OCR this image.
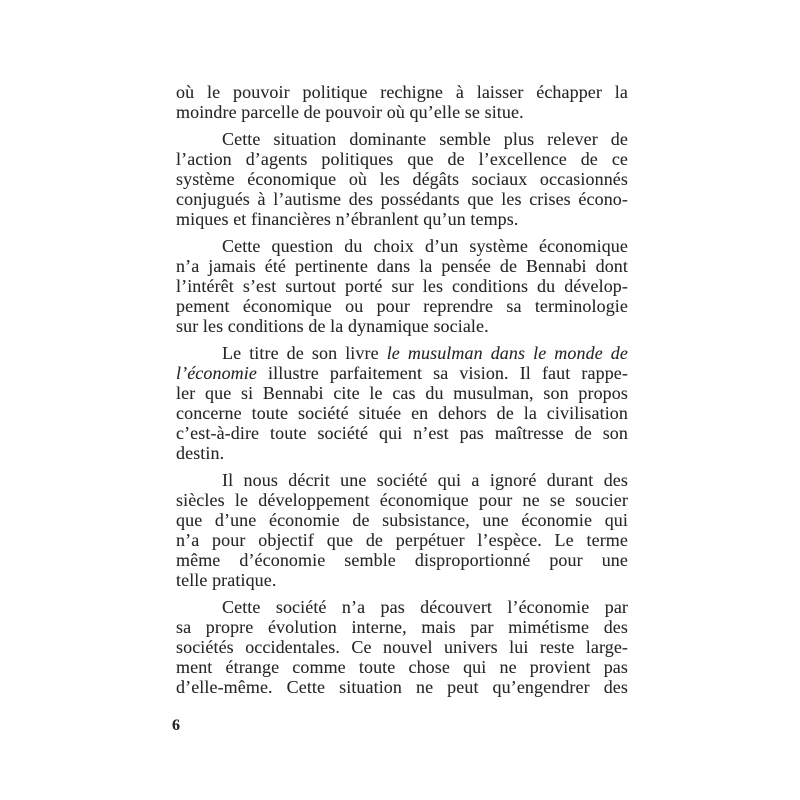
où le pouvoir politique rechigne à laisser échapper la
moindre parcelle de pouvoir où qu’elle se situe.
Cette situation dominante semble plus relever de
l’action d’agents politiques que de l’excellence de ce
système économique où les dégâts sociaux occasionnés
conjugués à l’autisme des possédants que les crises écono-
miques et financières n’ébranlent qu’un temps.
Cette question du choix d’un système économique
n’a jamais été pertinente dans la pensée de Bennabi dont
l’intérêt s’est surtout porté sur les conditions du dévelop-
pement économique ou pour reprendre sa terminologie
sur les conditions de la dynamique sociale.
Le titre de son livre le musulman dans le monde de
l’économie illustre parfaitement sa vision. Il faut rappe-
ler que si Bennabi cite le cas du musulman, son propos
concerne toute société située en dehors de la civilisation
c’est-à-dire toute société qui n’est pas maîtresse de son
destin.
Il nous décrit une société qui a ignoré durant des
siècles le développement économique pour ne se soucier
que d’une économie de subsistance, une économie qui
n’a pour objectif que de perpétuer l’espèce. Le terme
même d’économie semble disproportionné pour une
telle pratique.
Cette société n’a pas découvert l’économie par
sa propre évolution interne, mais par mimétisme des
sociétés occidentales. Ce nouvel univers lui reste large-
ment étrange comme toute chose qui ne provient pas
d’elle-même. Cette situation ne peut qu’engendrer des
6
